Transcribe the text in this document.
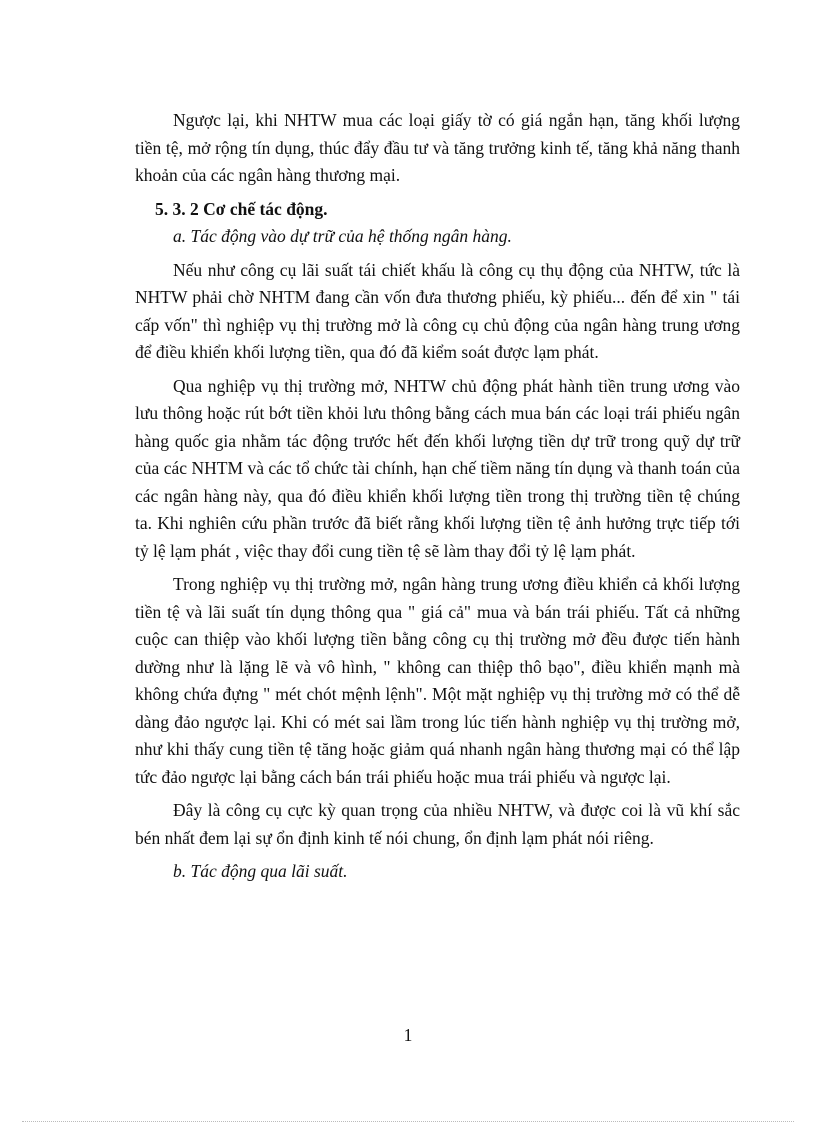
Ngược lại, khi NHTW mua các loại giấy tờ có giá ngắn hạn, tăng khối lượng tiền tệ, mở rộng tín dụng, thúc đẩy đầu tư và tăng trưởng kinh tế, tăng khả năng thanh khoản của các ngân hàng thương mại.

5. 3. 2 Cơ chế tác động.
a. Tác động vào dự trữ của hệ thống ngân hàng.

Nếu như công cụ lãi suất tái chiết khấu là công cụ thụ động của NHTW, tức là NHTW phải chờ NHTM đang cần vốn đưa thương phiếu, kỳ phiếu... đến để xin " tái cấp vốn" thì nghiệp vụ thị trường mở là công cụ chủ động của ngân hàng trung ương để điều khiển khối lượng tiền, qua đó đã kiểm soát được lạm phát.

Qua nghiệp vụ thị trường mở, NHTW chủ động phát hành tiền trung ương vào lưu thông hoặc rút bớt tiền khỏi lưu thông bằng cách mua bán các loại trái phiếu ngân hàng quốc gia nhằm tác động trước hết đến khối lượng tiền dự trữ trong quỹ dự trữ của các NHTM và các tổ chức tài chính, hạn chế tiềm năng tín dụng và thanh toán của các ngân hàng này, qua đó điều khiển khối lượng tiền trong thị trường tiền tệ chúng ta. Khi nghiên cứu phần trước đã biết rằng khối lượng tiền tệ ảnh hưởng trực tiếp tới tỷ lệ lạm phát , việc thay đổi cung tiền tệ sẽ làm thay đổi tỷ lệ lạm phát.

Trong nghiệp vụ thị trường mở, ngân hàng trung ương điều khiển cả khối lượng tiền tệ và lãi suất tín dụng thông qua " giá cả" mua và bán trái phiếu. Tất cả những cuộc can thiệp vào khối lượng tiền bằng công cụ thị trường mở đều được tiến hành dường như là lặng lẽ và vô hình, " không can thiệp thô bạo", điều khiển mạnh mà không chứa đựng " mét chót mệnh lệnh". Một mặt nghiệp vụ thị trường mở có thể dễ dàng đảo ngược lại. Khi có mét sai lầm trong lúc tiến hành nghiệp vụ thị trường mở, như khi thấy cung tiền tệ tăng hoặc giảm quá nhanh ngân hàng thương mại có thể lập tức đảo ngược lại bằng cách bán trái phiếu hoặc mua trái phiếu và ngược lại.

Đây là công cụ cực kỳ quan trọng của nhiều NHTW, và được coi là vũ khí sắc bén nhất đem lại sự ổn định kinh tế nói chung, ổn định lạm phát nói riêng.

b. Tác động qua lãi suất.
1
